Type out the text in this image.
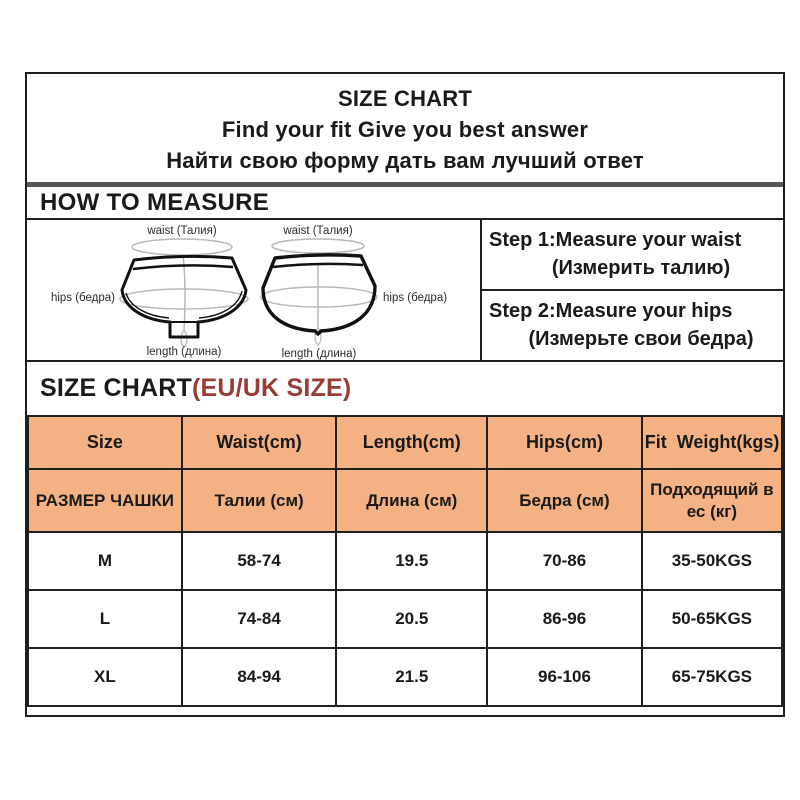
SIZE CHART
Find your fit Give you best answer
Найти свою форму дать вам лучший ответ
HOW TO MEASURE
waist (Талия)	waist (Талия)
hips (бедра)	hips (бедра)
length (длина)	length (длина)
Step 1:Measure your waist
(Измерить талию)
Step 2:Measure your hips
(Измерьте свои бедра)
SIZE CHART (EU/UK SIZE)
Size	Waist(cm)	Length(cm)	Hips(cm)	Fit  Weight(kgs)
РАЗМЕР ЧАШКИ	Талии (см)	Длина (см)	Бедра (см)	Подходящий в
ес (кг)

M	58-74	19.5	70-86	35-50KGS
L	74-84	20.5	86-96	50-65KGS
XL	84-94	21.5	96-106	65-75KGS
